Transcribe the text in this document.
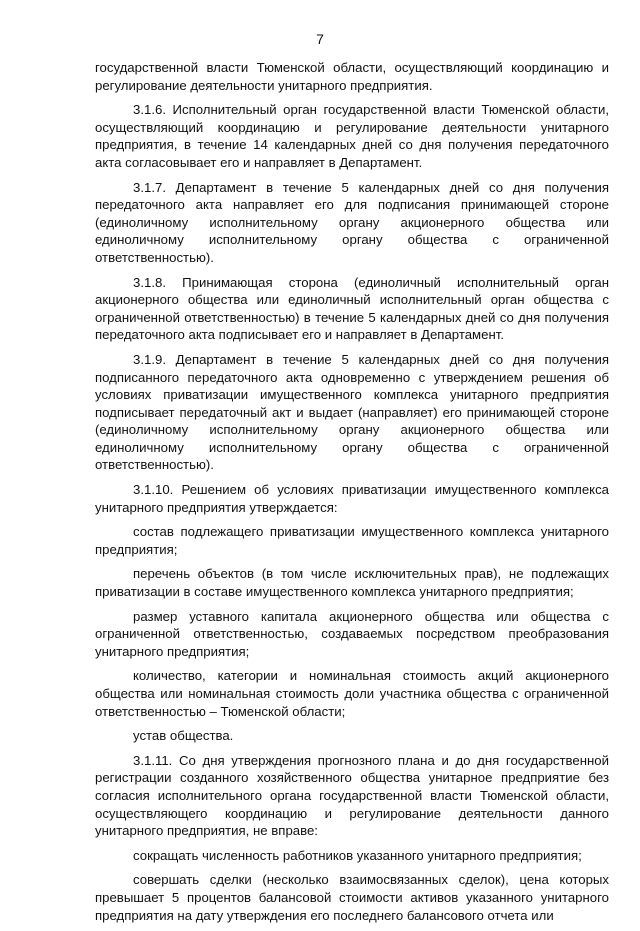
7

государственной власти Тюменской области, осуществляющий координацию и регулирование деятельности унитарного предприятия.

3.1.6. Исполнительный орган государственной власти Тюменской области, осуществляющий координацию и регулирование деятельности унитарного предприятия, в течение 14 календарных дней со дня получения передаточного акта согласовывает его и направляет в Департамент.

3.1.7. Департамент в течение 5 календарных дней со дня получения передаточного акта направляет его для подписания принимающей стороне (единоличному исполнительному органу акционерного общества или единоличному исполнительному органу общества с ограниченной ответственностью).

3.1.8. Принимающая сторона (единоличный исполнительный орган акционерного общества или единоличный исполнительный орган общества с ограниченной ответственностью) в течение 5 календарных дней со дня получения передаточного акта подписывает его и направляет в Департамент.

3.1.9. Департамент в течение 5 календарных дней со дня получения подписанного передаточного акта одновременно с утверждением решения об условиях приватизации имущественного комплекса унитарного предприятия подписывает передаточный акт и выдает (направляет) его принимающей стороне (единоличному исполнительному органу акционерного общества или единоличному исполнительному органу общества с ограниченной ответственностью).

3.1.10. Решением об условиях приватизации имущественного комплекса унитарного предприятия утверждается:

состав подлежащего приватизации имущественного комплекса унитарного предприятия;

перечень объектов (в том числе исключительных прав), не подлежащих приватизации в составе имущественного комплекса унитарного предприятия;

размер уставного капитала акционерного общества или общества с ограниченной ответственностью, создаваемых посредством преобразования унитарного предприятия;

количество, категории и номинальная стоимость акций акционерного общества или номинальная стоимость доли участника общества с ограниченной ответственностью – Тюменской области;

устав общества.

3.1.11. Со дня утверждения прогнозного плана и до дня государственной регистрации созданного хозяйственного общества унитарное предприятие без согласия исполнительного органа государственной власти Тюменской области, осуществляющего координацию и регулирование деятельности данного унитарного предприятия, не вправе:

сокращать численность работников указанного унитарного предприятия;

совершать сделки (несколько взаимосвязанных сделок), цена которых превышает 5 процентов балансовой стоимости активов указанного унитарного предприятия на дату утверждения его последнего балансового отчета или
